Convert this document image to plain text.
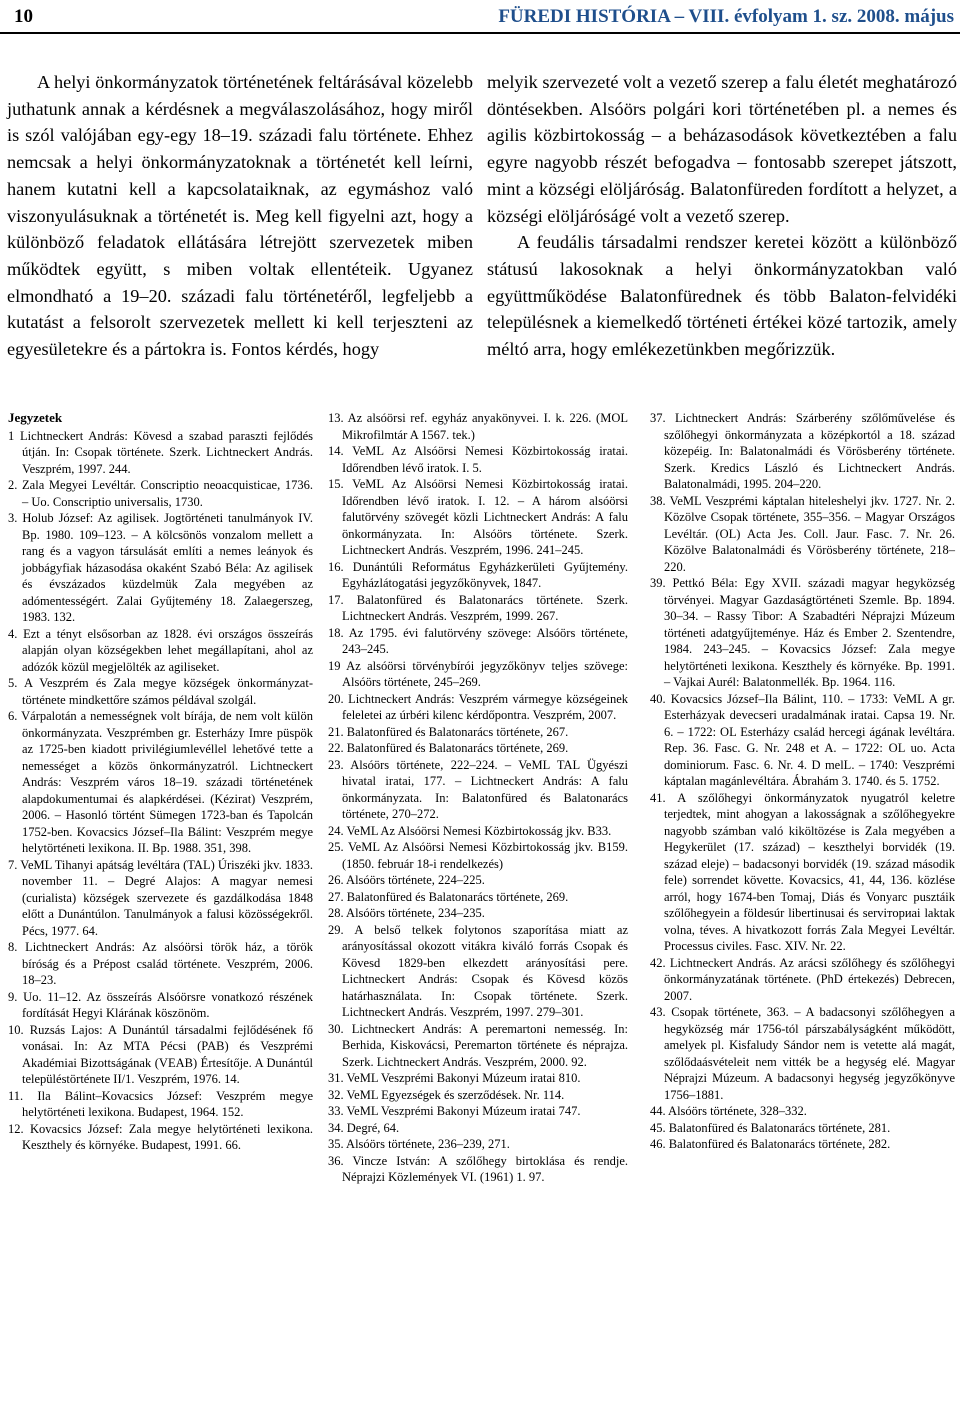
10	FÜREDI HISTÓRIA – VIII. évfolyam 1. sz. 2008. május

A helyi önkormányzatok történetének feltárásával közelebb juthatunk annak a kérdésnek a megválaszolásához, hogy miről is szól valójában egy-egy 18–19. századi falu története. Ehhez nemcsak a helyi önkormányzatoknak a történetét kell leírni, hanem kutatni kell a kapcsolataiknak, az egymáshoz való viszonyulásuknak a történetét is. Meg kell figyelni azt, hogy a különböző feladatok ellátására létrejött szervezetek miben működtek együtt, s miben voltak ellentéteik. Ugyanez elmondható a 19–20. századi falu történetéről, legfeljebb a kutatást a felsorolt szervezetek mellett ki kell terjeszteni az egyesületekre és a pártokra is. Fontos kérdés, hogy

melyik szervezeté volt a vezető szerep a falu életét meghatározó döntésekben. Alsóörs polgári kori történetében pl. a nemes és agilis közbirtokosság – a beházasodások következtében a falu egyre nagyobb részét befogadva – fontosabb szerepet játszott, mint a községi elöljáróság. Balatonfüreden fordított a helyzet, a községi elöljáróságé volt a vezető szerep.

A feudális társadalmi rendszer keretei között a különböző státusú lakosoknak a helyi önkormányzatokban való együttműködése Balatonfürednek és több Balaton-felvidéki településnek a kiemelkedő történeti értékei közé tartozik, amely méltó arra, hogy emlékezetünkben megőrizzük.

Jegyzetek

1 Lichtneckert András: Kövesd a szabad paraszti fejlődés útján. In: Csopak története. Szerk. Lichtneckert András. Veszprém, 1997. 244.

2. Zala Megyei Levéltár. Conscriptio neoacquisticae, 1736. – Uo. Conscriptio universalis, 1730.

3. Holub József: Az agilisek. Jogtörténeti tanulmányok IV. Bp. 1980. 109–123. – A kölcsönös vonzalom mellett a rang és a vagyon társulását említi a nemes leányok és jobbágyfiak házasodása okaként Szabó Béla: Az agilisek és évszázados küzdelmük Zala megyében az adómentességért. Zalai Gyűjtemény 18. Zalaegerszeg, 1983. 132.

4. Ezt a tényt elsősorban az 1828. évi országos összeírás alapján olyan községekben lehet megállapítani, ahol az adózók közül megjelölték az agiliseket.

5. A Veszprém és Zala megye községek önkormányzat-története mindkettőre számos példával szolgál.

6. Várpalotán a nemességnek volt bírája, de nem volt külön önkormányzata. Veszprémben gr. Esterházy Imre püspök az 1725-ben kiadott privilégiumlevéllel lehetővé tette a nemességet a közös önkormányzatról. Lichtneckert András: Veszprém város 18–19. századi történetének alapdokumentumai és alapkérdései. (Kézirat) Veszprém, 2006. – Hasonló történt Sümegen 1723-ban és Tapolcán 1752-ben. Kovacsics József–Ila Bálint: Veszprém megye helytörténeti lexikona. II. Bp. 1988. 351, 398.

7. VeML Tihanyi apátság levéltára (TAL) Úriszéki jkv. 1833. november 11. – Degré Alajos: A magyar nemesi (curialista) községek szervezete és gazdálkodása 1848 előtt a Dunántúlon. Tanulmányok a falusi közösségekről. Pécs, 1977. 64.

8. Lichtneckert András: Az alsóörsi török ház, a török bíróság és a Prépost család története. Veszprém, 2006. 18–23.

9. Uo. 11–12. Az összeírás Alsóörsre vonatkozó részének fordítását Hegyi Klárának köszönöm.

10. Ruzsás Lajos: A Dunántúl társadalmi fejlődésének fő vonásai. In: Az MTA Pécsi (PAB) és Veszprémi Akadémiai Bizottságának (VEAB) Értesítője. A Dunántúl településtörténete II/1. Veszprém, 1976. 14.

11. Ila Bálint–Kovacsics József: Veszprém megye helytörténeti lexikona. Budapest, 1964. 152.

12. Kovacsics József: Zala megye helytörténeti lexikona. Keszthely és környéke. Budapest, 1991. 66.

13. Az alsóörsi ref. egyház anyakönyvei. I. k. 226. (MOL Mikrofilmtár A 1567. tek.)

14. VeML Az Alsóörsi Nemesi Közbirtokosság iratai. Időrendben lévő iratok. I. 5.

15. VeML Az Alsóörsi Nemesi Közbirtokosság iratai. Időrendben lévő iratok. I. 12. – A három alsóörsi falutörvény szövegét közli Lichtneckert András: A falu önkormányzata. In: Alsóörs története. Szerk. Lichtneckert András. Veszprém, 1996. 241–245.

16. Dunántúli Református Egyházkerületi Gyűjtemény. Egyházlátogatási jegyzőkönyvek, 1847.

17. Balatonfüred és Balatonarács története. Szerk. Lichtneckert András. Veszprém, 1999. 267.

18. Az 1795. évi falutörvény szövege: Alsóörs története, 243–245.

19 Az alsóörsi törvénybírói jegyzőkönyv teljes szövege: Alsóörs története, 245–269.

20. Lichtneckert András: Veszprém vármegye községeinek feleletei az úrbéri kilenc kérdőpontra. Veszprém, 2007.

21. Balatonfüred és Balatonarács története, 267.

22. Balatonfüred és Balatonarács története, 269.

23. Alsóörs története, 222–224. – VeML TAL Ügyészi hivatal iratai, 177. – Lichtneckert András: A falu önkormányzata. In: Balatonfüred és Balatonarács története, 270–272.

24. VeML Az Alsóörsi Nemesi Közbirtokosság jkv. B33.

25. VeML Az Alsóörsi Nemesi Közbirtokosság jkv. B159. (1850. február 18-i rendelkezés)

26. Alsóörs története, 224–225.

27. Balatonfüred és Balatonarács története, 269.

28. Alsóörs története, 234–235.

29. A belső telkek folytonos szaporítása miatt az arányosítással okozott vitákra kiváló forrás Csopak és Kövesd 1829-ben elkezdett arányosítási pere. Lichtneckert András: Csopak és Kövesd közös határhasználata. In: Csopak története. Szerk. Lichtneckert András. Veszprém, 1997. 279–301.

30. Lichtneckert András: A peremartoni nemesség. In: Berhida, Kiskovácsi, Peremarton története és néprajza. Szerk. Lichtneckert András. Veszprém, 2000. 92.

31. VeML Veszprémi Bakonyi Múzeum iratai 810.

32. VeML Egyezségek és szerződések. Nr. 114.

33. VeML Veszprémi Bakonyi Múzeum iratai 747.

34. Degré, 64.

35. Alsóörs története, 236–239, 271.

36. Vincze István: A szőlőhegy birtoklása és rendje. Néprajzi Közlemények VI. (1961) 1. 97.

37. Lichtneckert András: Szárberény szőlőművelése és szőlőhegyi önkormányzata a középkortól a 18. század közepéig. In: Balatonalmádi és Vörösberény története. Szerk. Kredics László és Lichtneckert András. Balatonalmádi, 1995. 204–220.

38. VeML Veszprémi káptalan hiteleshelyi jkv. 1727. Nr. 2. Közölve Csopak története, 355–356. – Magyar Országos Levéltár. (OL) Acta Jes. Coll. Jaur. Fasc. 7. Nr. 26. Közölve Balatonalmádi és Vörösberény története, 218–220.

39. Pettkó Béla: Egy XVII. századi magyar hegyközség törvényei. Magyar Gazdaságtörténeti Szemle. Bp. 1894. 30–34. – Rassy Tibor: A Szabadtéri Néprajzi Múzeum történeti adatgyűjteménye. Ház és Ember 2. Szentendre, 1984. 243–245. – Kovacsics József: Zala megye helytörténeti lexikona. Keszthely és környéke. Bp. 1991. – Vajkai Aurél: Balatonmellék. Bp. 1964. 116.

40. Kovacsics József–Ila Bálint, 110. – 1733: VeML A gr. Esterházyak devecseri uradalmának iratai. Capsa 19. Nr. 6. – 1722: OL Esterházy család hercegi ágának levéltára. Rep. 36. Fasc. G. Nr. 248 et A. – 1722: OL uo. Acta dominiorum. Fasc. 6. Nr. 4. D melL. – 1740: Veszprémi káptalan magánlevéltára. Ábrahám 3. 1740. és 5. 1752.

41. A szőlőhegyi önkormányzatok nyugatról keletre terjedtek, mint ahogyan a lakosságnak a szőlőhegyekre nagyobb számban való kiköltözése is Zala megyében a Hegykerület (17. század) – keszthelyi borvidék (19. század eleje) – badacsonyi borvidék (19. század második fele) sorrendet követte. Kovacsics, 41, 44, 136. közlése arról, hogy 1674-ben Tomaj, Diás és Vonyarc pusztáik szőlőhegyein a földesúr libertinusai és serviториai laktak volna, téves. A hivatkozott forrás Zala Megyei Levéltár. Processus civiles. Fasc. XIV. Nr. 22.

42. Lichtneckert András. Az arácsi szőlőhegy és szőlőhegyi önkormányzatának története. (PhD értekezés) Debrecen, 2007.

43. Csopak története, 363. – A badacsonyi szőlőhegyen a hegyközség már 1756-tól párszabályságként működött, amelyek pl. Kisfaludy Sándor nem is vetette alá magát, szőlődaásvételeit nem vitték be a hegység elé. Magyar Néprajzi Múzeum. A badacsonyi hegység jegyzőkönyve 1756–1881.

44. Alsóörs története, 328–332.

45. Balatonfüred és Balatonarács története, 281.

46. Balatonfüred és Balatonarács története, 282.
